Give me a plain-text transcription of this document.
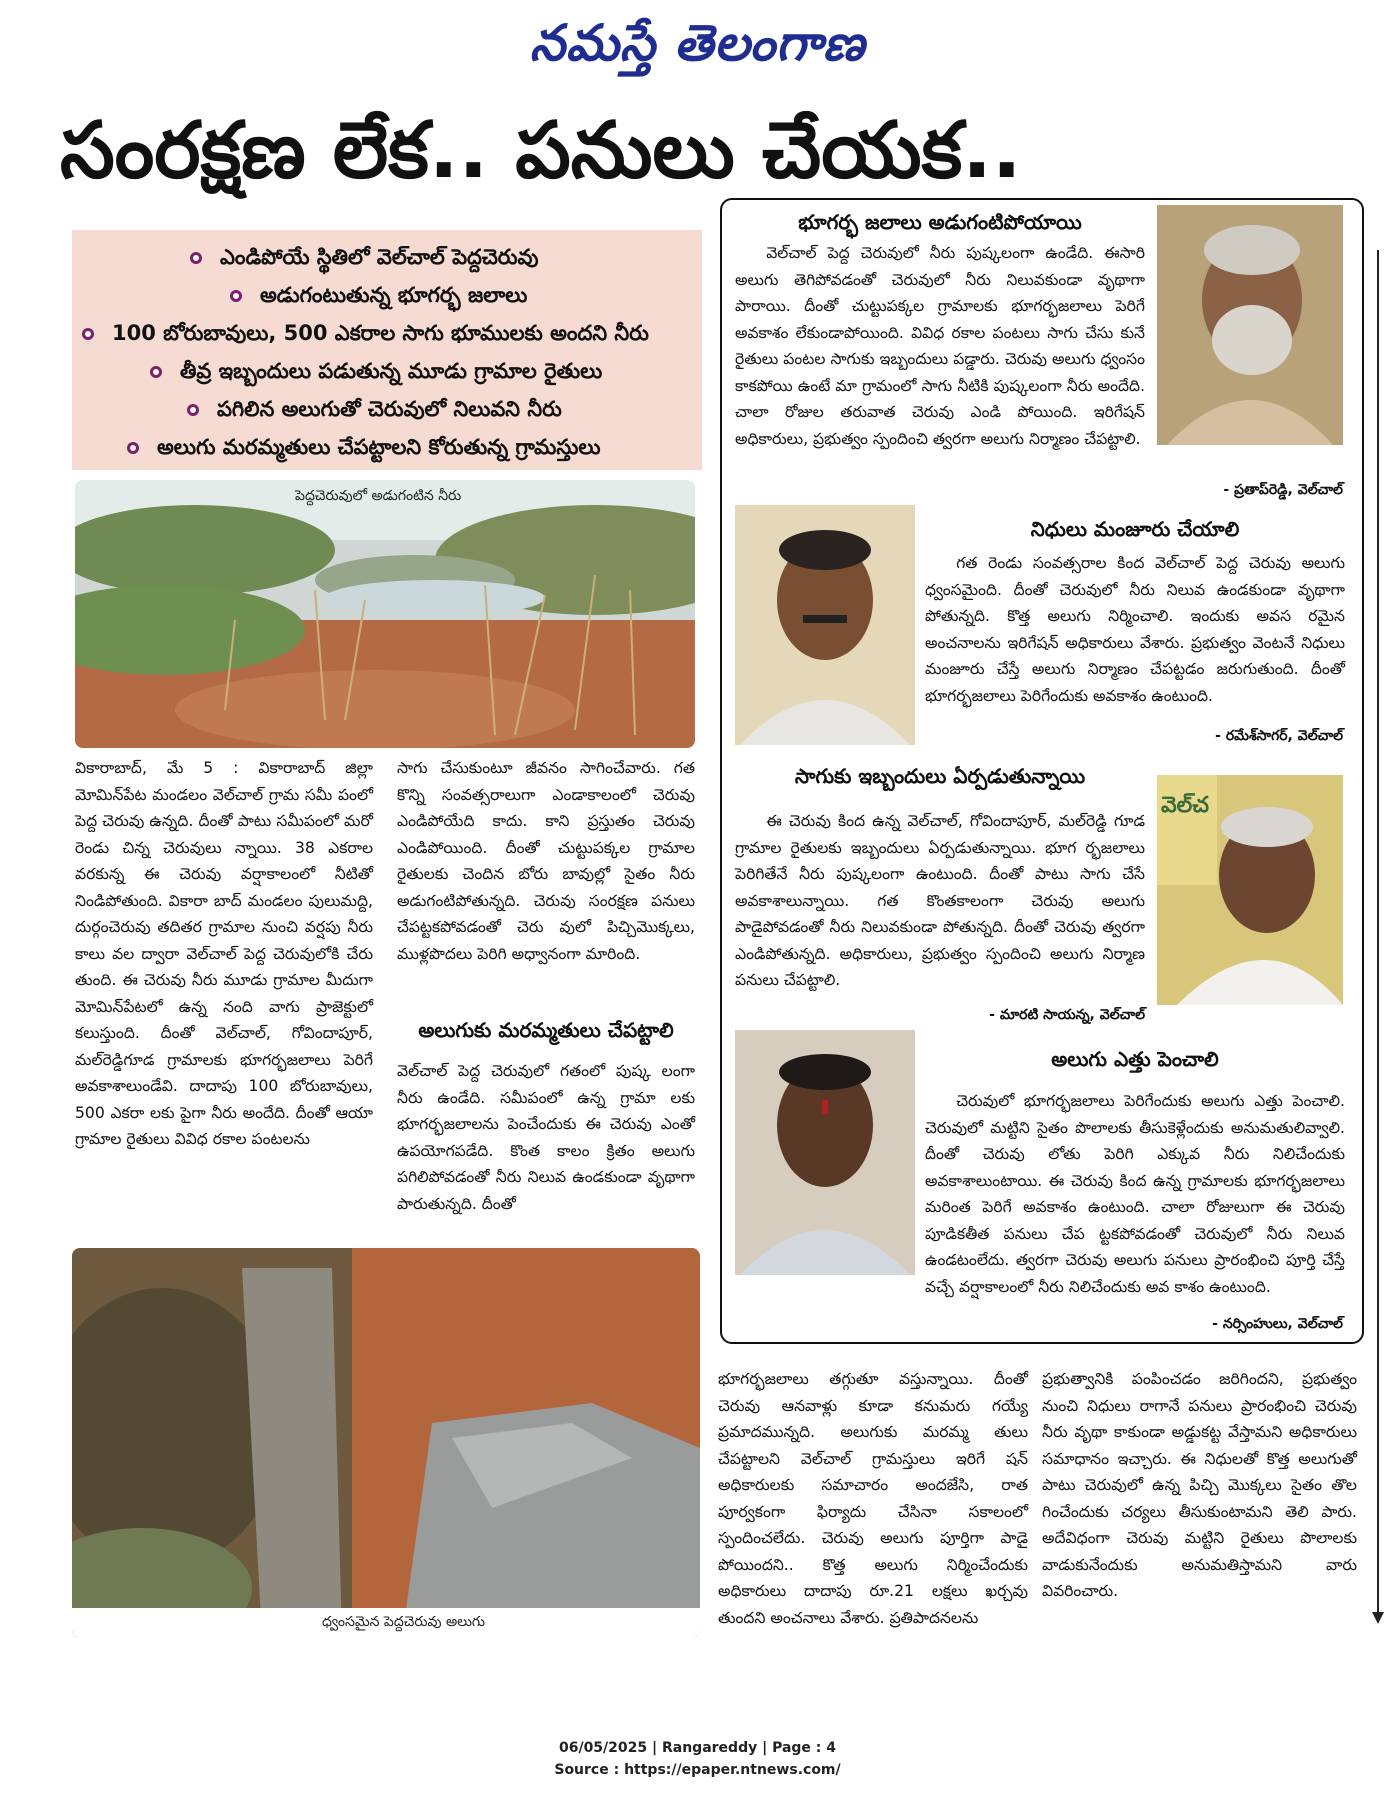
నమస్తే తెలంగాణ
సంరక్షణ లేక.. పనులు చేయక..
ఎండిపోయే స్థితిలో వెల్‌చాల్ పెద్దచెరువు
అడుగంటుతున్న భూగర్భ జలాలు
100 బోరుబావులు, 500 ఎకరాల సాగు భూములకు అందని నీరు
తీవ్ర ఇబ్బందులు పడుతున్న మూడు గ్రామాల రైతులు
పగిలిన అలుగుతో చెరువులో నిలువని నీరు
అలుగు మరమ్మతులు చేపట్టాలని కోరుతున్న గ్రామస్తులు
పెద్దచెరువులో అడుగంటిన నీరు
వికారాబాద్, మే 5 : వికారాబాద్ జిల్లా మోమిన్‌పేట మండలం వెల్‌చాల్ గ్రామ సమీ పంలో పెద్ద చెరువు ఉన్నది. దీంతో పాటు సమీపంలో మరో రెండు చిన్న చెరువులు న్నాయి. 38 ఎకరాల వరకున్న ఈ చెరువు వర్షాకాలంలో నీటితో నిండిపోతుంది. వికారా బాద్ మండలం పులుమద్ది, దుర్గంచెరువు తదితర గ్రామాల నుంచి వర్షపు నీరు కాలు వల ద్వారా వెల్‌చాల్ పెద్ద చెరువులోకి చేరు తుంది. ఈ చెరువు నీరు మూడు గ్రామాల మీదుగా మోమిన్‌పేటలో ఉన్న నంది వాగు ప్రాజెక్టులో కలుస్తుంది. దీంతో వెల్‌చాల్, గోవిందాపూర్, మల్‌రెడ్డిగూడ గ్రామాలకు భూగర్భజలాలు పెరిగే అవకాశాలుండేవి. దాదాపు 100 బోరుబావులు, 500 ఎకరా లకు పైగా నీరు అందేది. దీంతో ఆయా గ్రామాల రైతులు వివిధ రకాల పంటలను
సాగు చేసుకుంటూ జీవనం సాగించేవారు. గత కొన్ని సంవత్సరాలుగా ఎండాకాలంలో చెరువు ఎండిపోయేది కాదు. కాని ప్రస్తుతం చెరువు ఎండిపోయింది. దీంతో చుట్టుపక్కల గ్రామాల రైతులకు చెందిన బోరు బావుల్లో సైతం నీరు అడుగంటిపోతున్నది. చెరువు సంరక్షణ పనులు చేపట్టకపోవడంతో చెరు వులో పిచ్చిమొక్కలు, ముళ్లపొదలు పెరిగి అధ్వానంగా మారింది.
అలుగుకు మరమ్మతులు చేపట్టాలి
వెల్‌చాల్ పెద్ద చెరువులో గతంలో పుష్క లంగా నీరు ఉండేది. సమీపంలో ఉన్న గ్రామా లకు భూగర్భజలాలను పెంచేందుకు ఈ చెరువు ఎంతో ఉపయోగపడేది. కొంత కాలం క్రితం అలుగు పగిలిపోవడంతో నీరు నిలువ ఉండకుండా వృథాగా పారుతున్నది. దీంతో
ధ్వంసమైన పెద్దచెరువు అలుగు
భూగర్భజలాలు తగ్గుతూ వస్తున్నాయి. దీంతో చెరువు ఆనవాళ్లు కూడా కనుమరు గయ్యే ప్రమాదమున్నది. అలుగుకు మరమ్మ తులు చేపట్టాలని వెల్‌చాల్ గ్రామస్తులు ఇరిగే షన్ అధికారులకు సమాచారం అందజేసి, రాత పూర్వకంగా ఫిర్యాదు చేసినా సకాలంలో స్పందించలేదు. చెరువు అలుగు పూర్తిగా పాడై పోయిందని.. కొత్త అలుగు నిర్మించేందుకు అధికారులు దాదాపు రూ.21 లక్షలు ఖర్చవు తుందని అంచనాలు వేశారు. ప్రతిపాదనలను
ప్రభుత్వానికి పంపించడం జరిగిందని, ప్రభుత్వం నుంచి నిధులు రాగానే పనులు ప్రారంభించి చెరువు నీరు వృథా కాకుండా అడ్డుకట్ట వేస్తామని అధికారులు సమాధానం ఇచ్చారు. ఈ నిధులతో కొత్త అలుగుతో పాటు చెరువులో ఉన్న పిచ్చి మొక్కలు సైతం తొల గించేందుకు చర్యలు తీసుకుంటామని తెలి పారు. అదేవిధంగా చెరువు మట్టిని రైతులు పొలాలకు వాడుకునేందుకు అనుమతిస్తామని వారు వివరించారు.
భూగర్భ జలాలు అడుగంటిపోయాయి
వెల్‌చాల్ పెద్ద చెరువులో నీరు పుష్కలంగా ఉండేది. ఈసారి అలుగు తెగిపోవడంతో చెరువులో నీరు నిలువకుండా వృథాగా పారాయి. దీంతో చుట్టుపక్కల గ్రామాలకు భూగర్భజలాలు పెరిగే అవకాశం లేకుండాపోయింది. వివిధ రకాల పంటలు సాగు చేసు కునే రైతులు పంటల సాగుకు ఇబ్బందులు పడ్డారు. చెరువు అలుగు ధ్వంసం కాకపోయి ఉంటే మా గ్రామంలో సాగు నీటికి పుష్కలంగా నీరు అందేది. చాలా రోజుల తరువాత చెరువు ఎండి పోయింది. ఇరిగేషన్ అధికారులు, ప్రభుత్వం స్పందించి త్వరగా అలుగు నిర్మాణం చేపట్టాలి.
- ప్రతాప్‌రెడ్డి, వెల్‌చాల్
నిధులు మంజూరు చేయాలి
గత రెండు సంవత్సరాల కింద వెల్‌చాల్ పెద్ద చెరువు అలుగు ధ్వంసమైంది. దీంతో చెరువులో నీరు నిలువ ఉండకుండా వృథాగా పోతున్నది. కొత్త అలుగు నిర్మించాలి. ఇందుకు అవస రమైన అంచనాలను ఇరిగేషన్ అధికారులు వేశారు. ప్రభుత్వం వెంటనే నిధులు మంజూరు చేస్తే అలుగు నిర్మాణం చేపట్టడం జరుగుతుంది. దీంతో భూగర్భజలాలు పెరిగేందుకు అవకాశం ఉంటుంది.
- రమేశ్‌సాగర్, వెల్‌చాల్
సాగుకు ఇబ్బందులు ఏర్పడుతున్నాయి
వెల్‌చ
ఈ చెరువు కింద ఉన్న వెల్‌చాల్, గోవిందాపూర్, మల్‌రెడ్డి గూడ గ్రామాల రైతులకు ఇబ్బందులు ఏర్పడుతున్నాయి. భూగ ర్భజలాలు పెరిగితేనే నీరు పుష్కలంగా ఉంటుంది. దీంతో పాటు సాగు చేసే అవకాశాలున్నాయి. గత కొంతకాలంగా చెరువు అలుగు పాడైపోవడంతో నీరు నిలువకుండా పోతున్నది. దీంతో చెరువు త్వరగా ఎండిపోతున్నది. అధికారులు, ప్రభుత్వం స్పందించి అలుగు నిర్మాణ పనులు చేపట్టాలి.
- మారటి సాయన్న, వెల్‌చాల్
అలుగు ఎత్తు పెంచాలి
చెరువులో భూగర్భజలాలు పెరిగేందుకు అలుగు ఎత్తు పెంచాలి. చెరువులో మట్టిని సైతం పొలాలకు తీసుకెళ్లేందుకు అనుమతులివ్వాలి. దీంతో చెరువు లోతు పెరిగి ఎక్కువ నీరు నిలిచేందుకు అవకాశాలుంటాయి. ఈ చెరువు కింద ఉన్న గ్రామాలకు భూగర్భజలాలు మరింత పెరిగే అవకాశం ఉంటుంది. చాలా రోజులుగా ఈ చెరువు పూడికతీత పనులు చేప ట్టకపోవడంతో చెరువులో నీరు నిలువ ఉండటంలేదు. త్వరగా చెరువు అలుగు పనులు ప్రారంభించి పూర్తి చేస్తే వచ్చే వర్షాకాలంలో నీరు నిలిచేందుకు అవ కాశం ఉంటుంది.
- నర్సింహులు, వెల్‌చాల్
06/05/2025 | Rangareddy | Page : 4
Source : https://epaper.ntnews.com/
